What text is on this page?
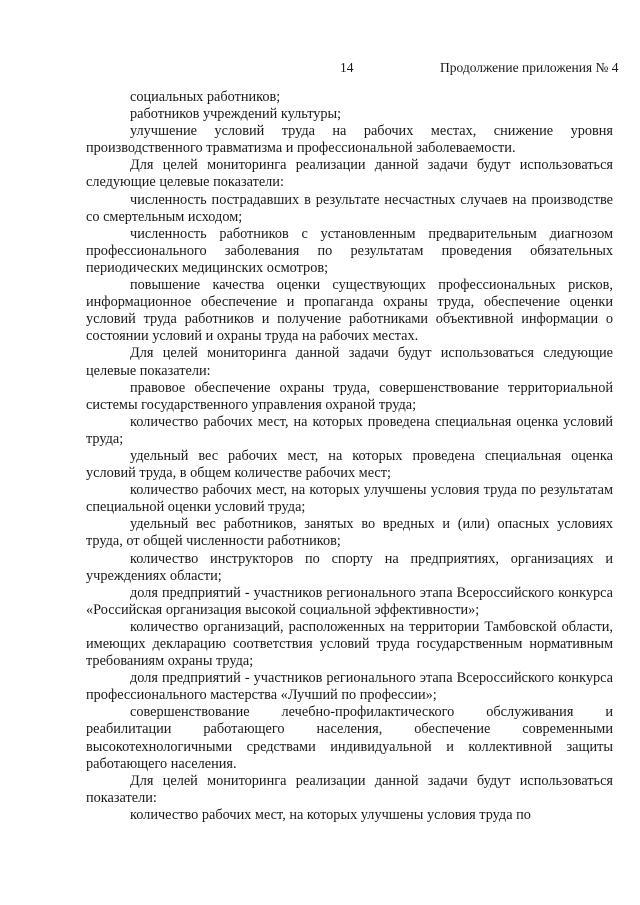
14	Продолжение приложения № 4

социальных работников;

работников учреждений культуры;

улучшение условий труда на рабочих местах, снижение уровня производственного травматизма и профессиональной заболеваемости.

Для целей мониторинга реализации данной задачи будут использоваться следующие целевые показатели:

численность пострадавших в результате несчастных случаев на производстве со смертельным исходом;

численность работников с установленным предварительным диагнозом профессионального заболевания по результатам проведения обязательных периодических медицинских осмотров;

повышение качества оценки существующих профессиональных рисков, информационное обеспечение и пропаганда охраны труда, обеспечение оценки условий труда работников и получение работниками объективной информации о состоянии условий и охраны труда на рабочих местах.

Для целей мониторинга данной задачи будут использоваться следующие целевые показатели:

правовое обеспечение охраны труда, совершенствование территориальной системы государственного управления охраной труда;

количество рабочих мест, на которых проведена специальная оценка условий труда;

удельный вес рабочих мест, на которых проведена специальная оценка условий труда, в общем количестве рабочих мест;

количество рабочих мест, на которых улучшены условия труда по результатам специальной оценки условий труда;

удельный вес работников, занятых во вредных и (или) опасных условиях труда, от общей численности работников;

количество инструкторов по спорту на предприятиях, организациях и учреждениях области;

доля предприятий - участников регионального этапа Всероссийского конкурса «Российская организация высокой социальной эффективности»;

количество организаций, расположенных на территории Тамбовской области, имеющих декларацию соответствия условий труда государственным нормативным требованиям охраны труда;

доля предприятий - участников регионального этапа Всероссийского конкурса профессионального мастерства «Лучший по профессии»;

совершенствование лечебно-профилактического обслуживания и реабилитации работающего населения, обеспечение современными высокотехнологичными средствами индивидуальной и коллективной защиты работающего населения.

Для целей мониторинга реализации данной задачи будут использоваться показатели:

количество рабочих мест, на которых улучшены условия труда по
